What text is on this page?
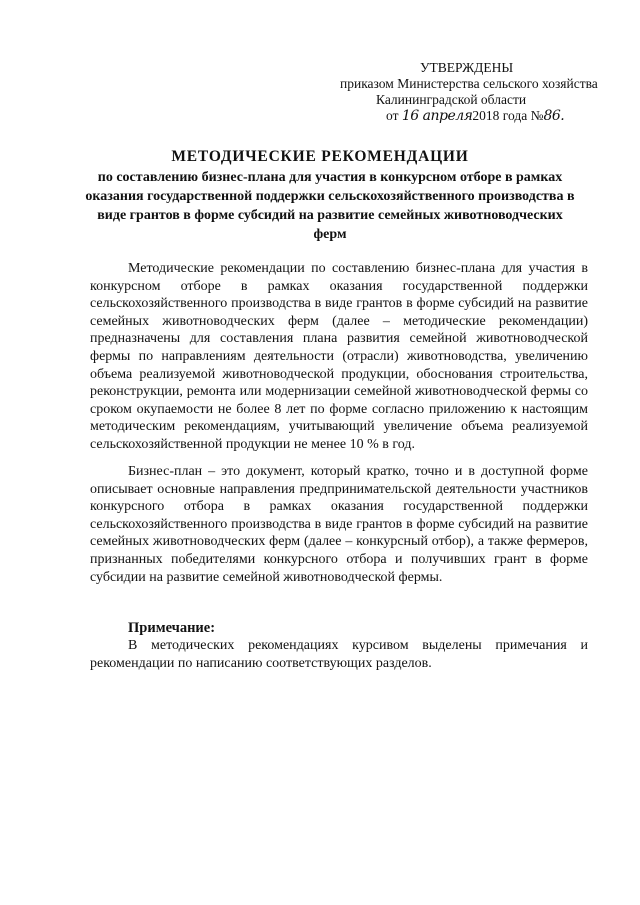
УТВЕРЖДЕНЫ
приказом Министерства сельского хозяйства
Калининградской области
от 16 апреля2018 года №86.
МЕТОДИЧЕСКИЕ РЕКОМЕНДАЦИИ
по составлению бизнес-плана для участия в конкурсном отборе в рамках оказания государственной поддержки сельскохозяйственного производства в виде грантов в форме субсидий на развитие семейных животноводческих ферм
Методические рекомендации по составлению бизнес-плана для участия в конкурсном отборе в рамках оказания государственной поддержки сельскохозяйственного производства в виде грантов в форме субсидий на развитие семейных животноводческих ферм (далее – методические рекомендации) предназначены для составления плана развития семейной животноводческой фермы по направлениям деятельности (отрасли) животноводства, увеличению объема реализуемой животноводческой продукции, обоснования строительства, реконструкции, ремонта или модернизации семейной животноводческой фермы со сроком окупаемости не более 8 лет по форме согласно приложению к настоящим методическим рекомендациям, учитывающий увеличение объема реализуемой сельскохозяйственной продукции не менее 10 % в год.
Бизнес-план – это документ, который кратко, точно и в доступной форме описывает основные направления предпринимательской деятельности участников конкурсного отбора в рамках оказания государственной поддержки сельскохозяйственного производства в виде грантов в форме субсидий на развитие семейных животноводческих ферм (далее – конкурсный отбор), а также фермеров, признанных победителями конкурсного отбора и получивших грант в форме субсидии на развитие семейной животноводческой фермы.
Примечание:
В методических рекомендациях курсивом выделены примечания и рекомендации по написанию соответствующих разделов.
